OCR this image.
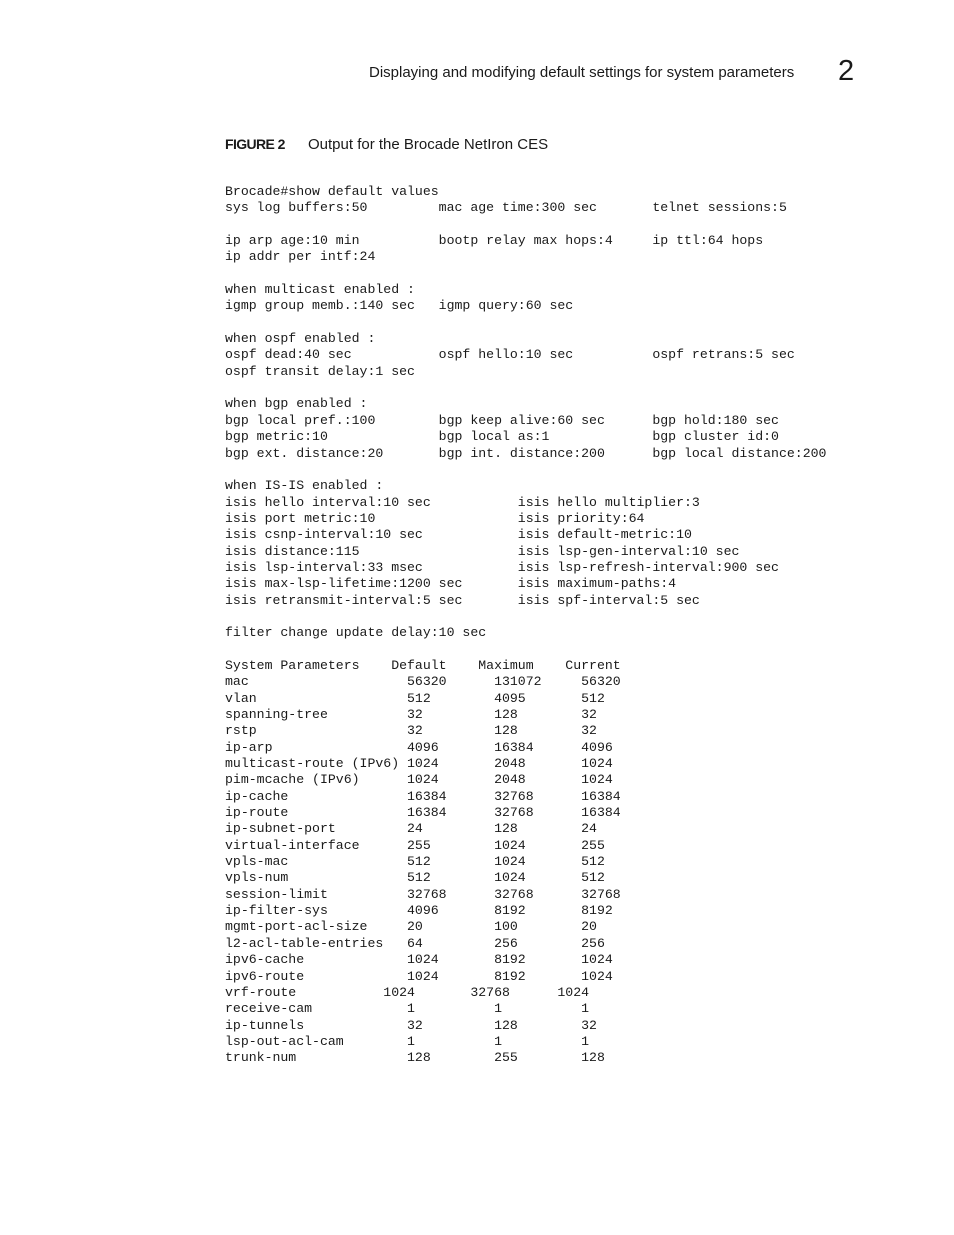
Displaying and modifying default settings for system parameters	2
FIGURE 2 Output for the Brocade NetIron CES
Brocade#show default values
sys log buffers:50         mac age time:300 sec       telnet sessions:5

ip arp age:10 min          bootp relay max hops:4     ip ttl:64 hops
ip addr per intf:24

when multicast enabled :
igmp group memb.:140 sec   igmp query:60 sec

when ospf enabled :
ospf dead:40 sec           ospf hello:10 sec          ospf retrans:5 sec
ospf transit delay:1 sec

when bgp enabled :
bgp local pref.:100        bgp keep alive:60 sec      bgp hold:180 sec
bgp metric:10              bgp local as:1             bgp cluster id:0
bgp ext. distance:20       bgp int. distance:200      bgp local distance:200

when IS-IS enabled :
isis hello interval:10 sec           isis hello multiplier:3
isis port metric:10                  isis priority:64
isis csnp-interval:10 sec            isis default-metric:10
isis distance:115                    isis lsp-gen-interval:10 sec
isis lsp-interval:33 msec            isis lsp-refresh-interval:900 sec
isis max-lsp-lifetime:1200 sec       isis maximum-paths:4
isis retransmit-interval:5 sec       isis spf-interval:5 sec

filter change update delay:10 sec

System Parameters    Default    Maximum    Current
mac                    56320      131072     56320
vlan                   512        4095       512
spanning-tree          32         128        32
rstp                   32         128        32
ip-arp                 4096       16384      4096
multicast-route (IPv6) 1024       2048       1024
pim-mcache (IPv6)      1024       2048       1024
ip-cache               16384      32768      16384
ip-route               16384      32768      16384
ip-subnet-port         24         128        24
virtual-interface      255        1024       255
vpls-mac               512        1024       512
vpls-num               512        1024       512
session-limit          32768      32768      32768
ip-filter-sys          4096       8192       8192
mgmt-port-acl-size     20         100        20
l2-acl-table-entries   64         256        256
ipv6-cache             1024       8192       1024
ipv6-route             1024       8192       1024
vrf-route           1024       32768      1024
receive-cam            1          1          1
ip-tunnels             32         128        32
lsp-out-acl-cam        1          1          1
trunk-num              128        255        128
